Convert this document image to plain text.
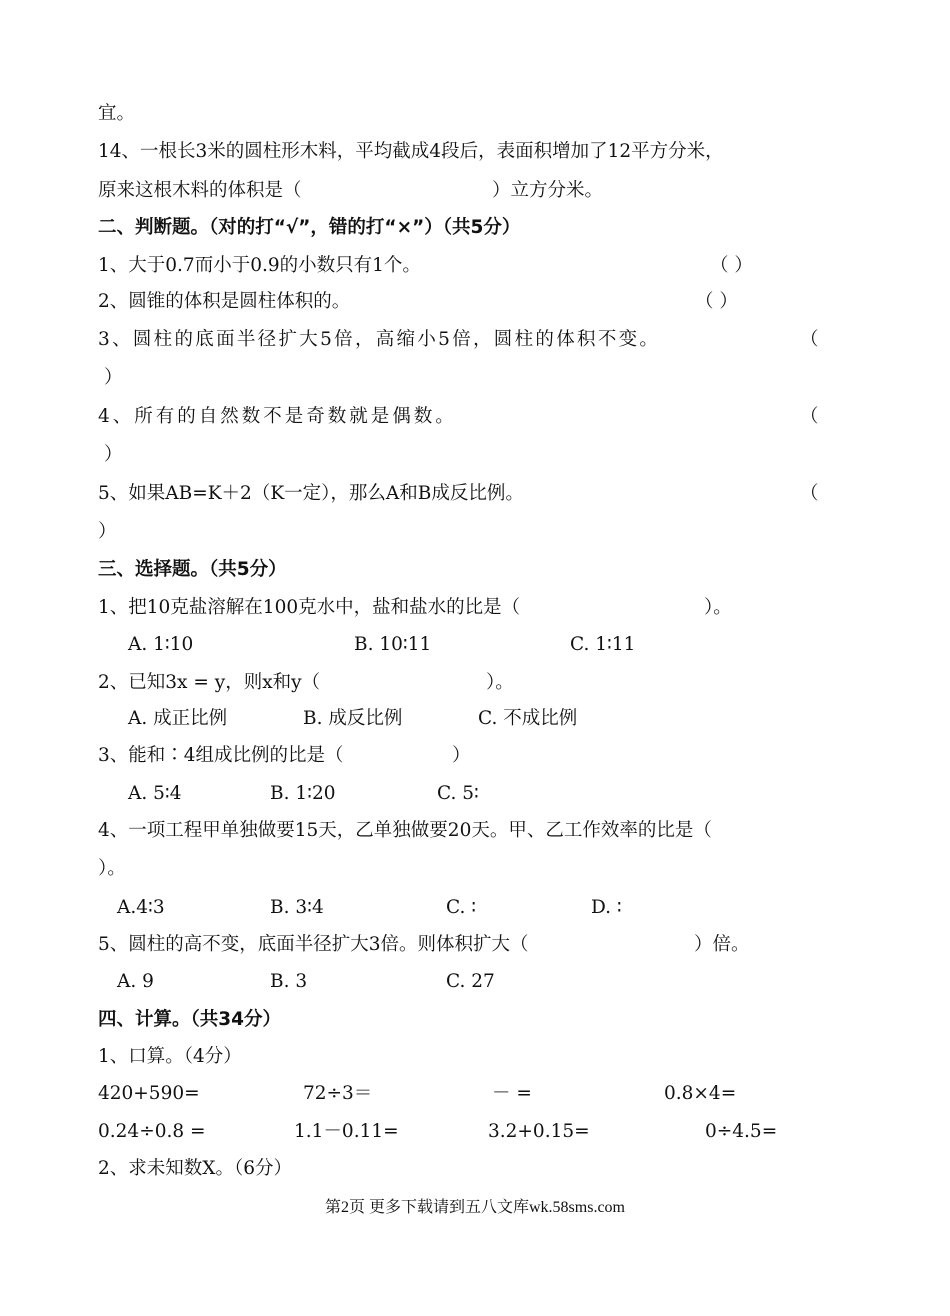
宜。
14、一根长3米的圆柱形木料，平均截成4段后，表面积增加了12平方分米，
原来这根木料的体积是（	）立方分米。
二、判断题。（对的打“√”，错的打“×”）（共5分）
1、大于0.7而小于0.9的小数只有1个。	（ ）
2、圆锥的体积是圆柱体积的。	（ ）
3、圆柱的底面半径扩大5倍，高缩小5倍，圆柱的体积不变。	（
）
4、所有的自然数不是奇数就是偶数。	（
）
5、如果AB=K＋2（K一定），那么A和B成反比例。	（
）
三、选择题。（共5分）
1、把10克盐溶解在100克水中，盐和盐水的比是（	）。
A. 1∶10	B. 10∶11	C. 1∶11
2、已知3x = y，则x和y（	）。
A. 成正比例	B. 成反比例	C. 不成比例
3、能和∶4组成比例的比是（	）
A. 5∶4	B. 1∶20	C. 5∶
4、一项工程甲单独做要15天，乙单独做要20天。甲、乙工作效率的比是（
）。
A.4∶3	B. 3∶4	C. ∶	D. ∶
5、圆柱的高不变，底面半径扩大3倍。则体积扩大（	）倍。
A. 9	B. 3	C. 27
四、计算。（共34分）
1、口算。（4分）
420+590=	72÷3＝	－ =	0.8×4=
0.24÷0.8 =	1.1－0.11=	3.2+0.15=	0÷4.5=
2、求未知数X。（6分）
第2页 更多下载请到五八文库wk.58sms.com
